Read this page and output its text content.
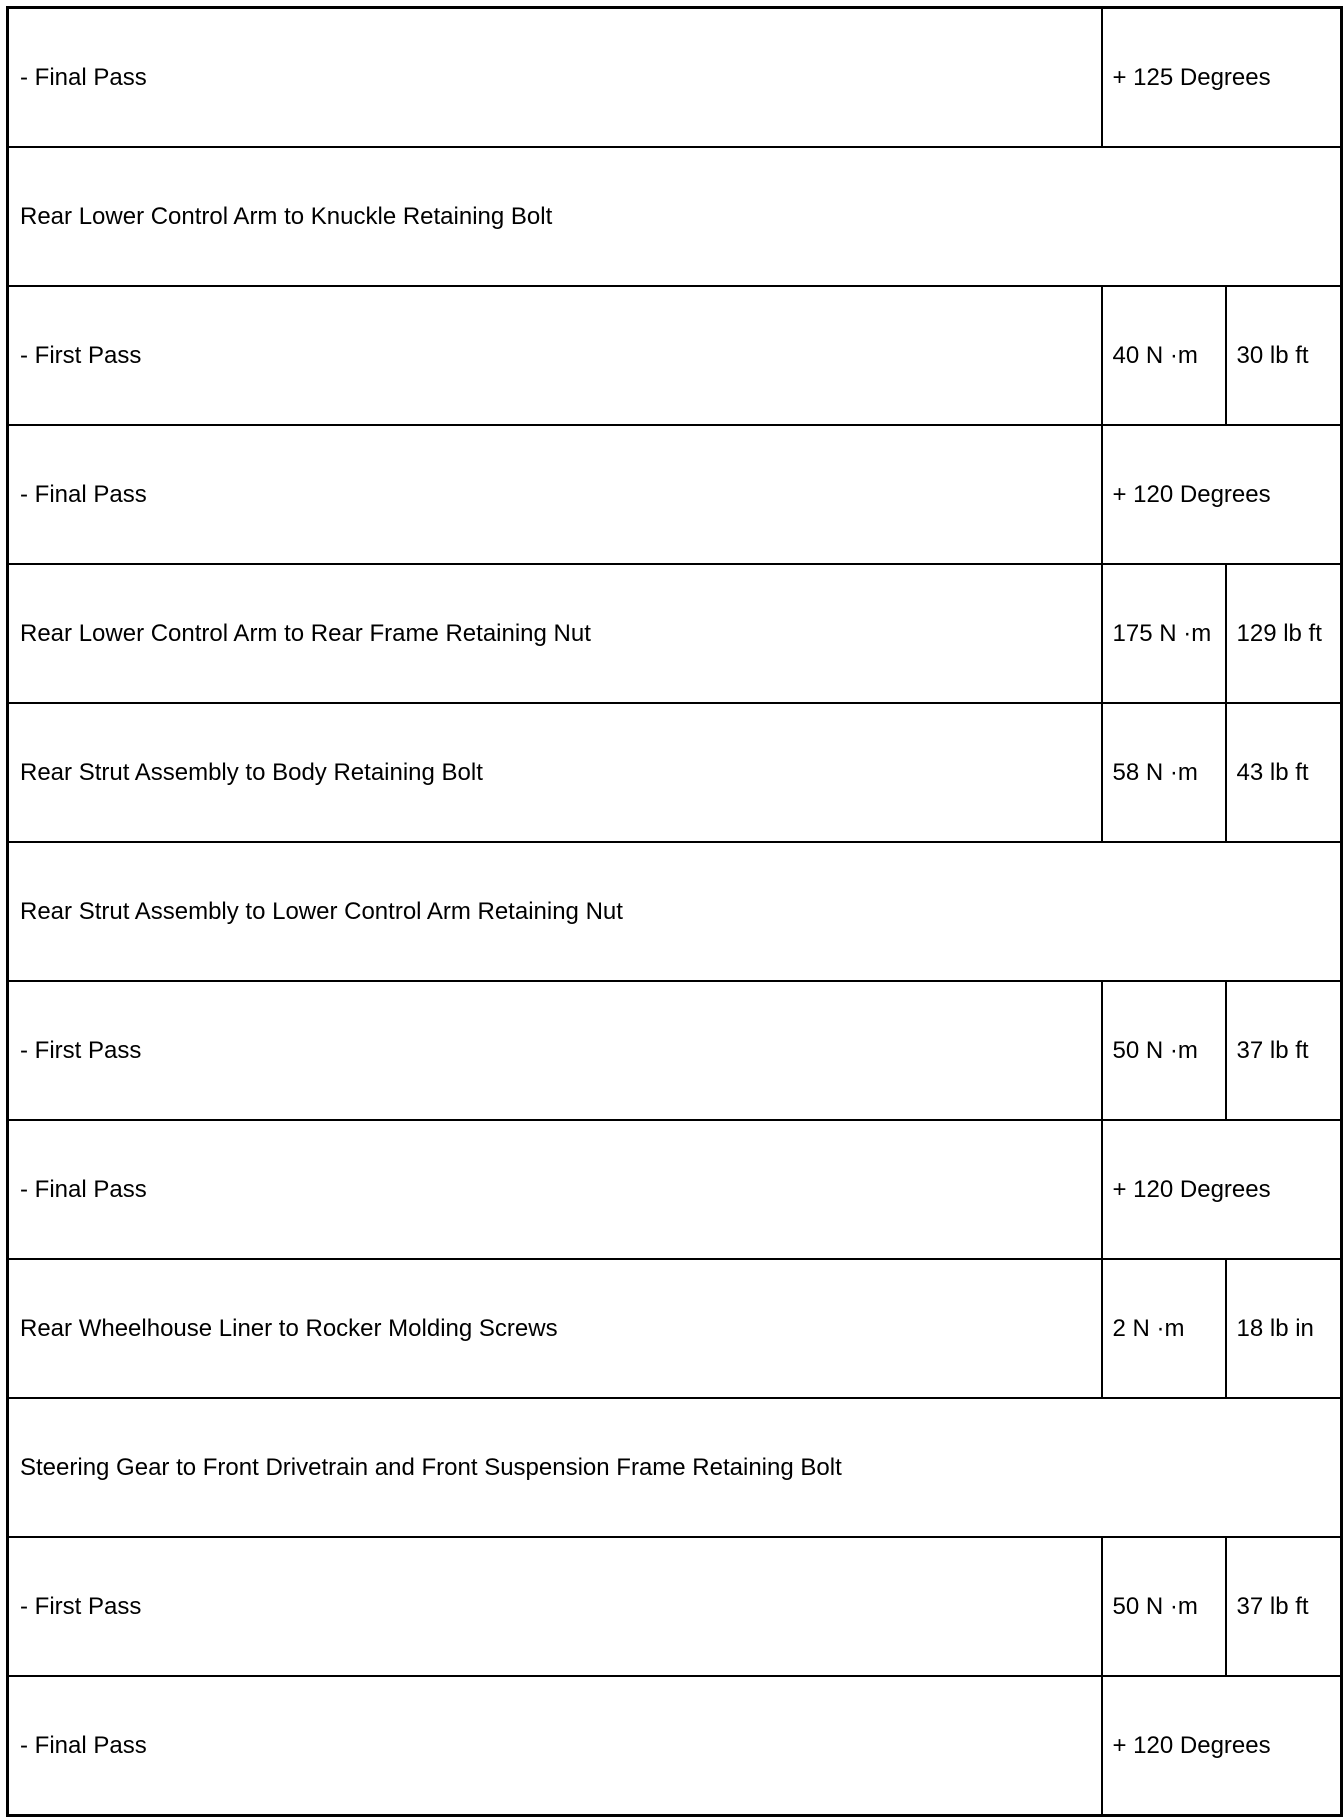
- Final Pass	+ 125 Degrees	
Rear Lower Control Arm to Knuckle Retaining Bolt		
- First Pass	40 N ·m	30 lb ft
- Final Pass	+ 120 Degrees	
Rear Lower Control Arm to Rear Frame Retaining Nut	175 N ·m	129 lb ft
Rear Strut Assembly to Body Retaining Bolt	58 N ·m	43 lb ft
Rear Strut Assembly to Lower Control Arm Retaining Nut		
- First Pass	50 N ·m	37 lb ft
- Final Pass	+ 120 Degrees	
Rear Wheelhouse Liner to Rocker Molding Screws	2 N ·m	18 lb in
Steering Gear to Front Drivetrain and Front Suspension Frame Retaining Bolt		
- First Pass	50 N ·m	37 lb ft
- Final Pass	+ 120 Degrees	
